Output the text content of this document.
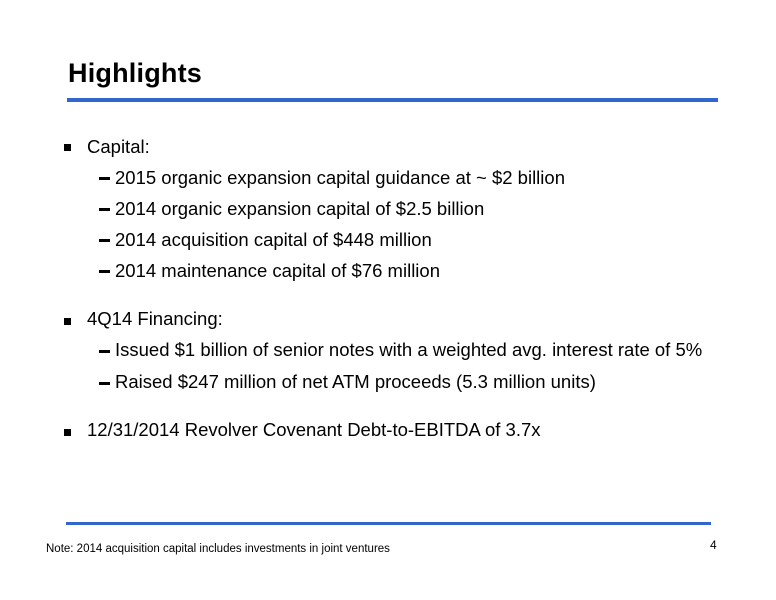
Highlights
Capital:
2015 organic expansion capital guidance at ~ $2 billion
2014 organic expansion capital of $2.5 billion
2014 acquisition capital of $448 million
2014 maintenance capital of $76 million
4Q14 Financing:
Issued $1 billion of senior notes with a weighted avg. interest rate of 5%
Raised $247 million of net ATM proceeds (5.3 million units)
12/31/2014 Revolver Covenant Debt-to-EBITDA of 3.7x
Note: 2014 acquisition capital includes investments in joint ventures	4
